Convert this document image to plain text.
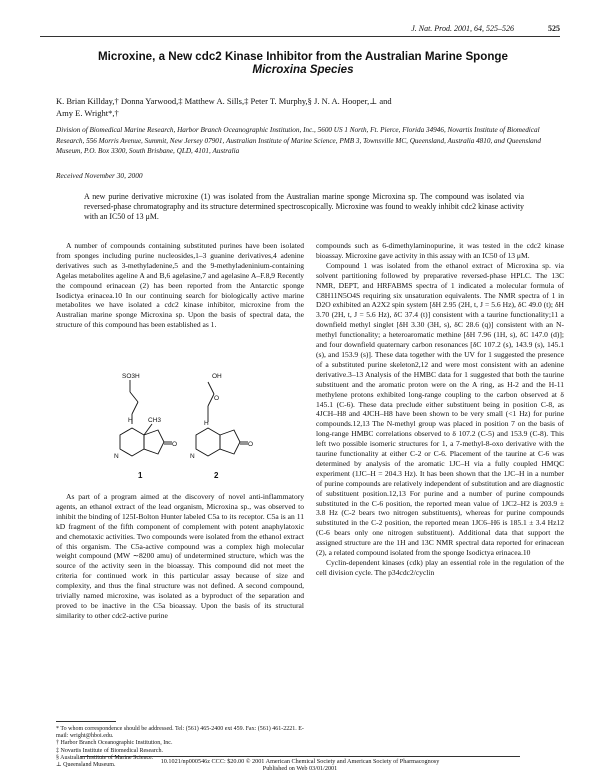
J. Nat. Prod. 2001, 64, 525–526	525
Microxine, a New cdc2 Kinase Inhibitor from the Australian Marine Sponge
Microxina Species
K. Brian Killday,† Donna Yarwood,‡ Matthew A. Sills,‡ Peter T. Murphy,§ J. N. A. Hooper,⊥ and
Amy E. Wright*,†
Division of Biomedical Marine Research, Harbor Branch Oceanographic Institution, Inc., 5600 US 1 North, Ft. Pierce, Florida 34946, Novartis Institute of Biomedical Research, 556 Morris Avenue, Summit, New Jersey 07901, Australian Institute of Marine Science, PMB 3, Townsville MC, Queensland, Australia 4810, and Queensland Museum, P.O. Box 3300, South Brisbane, QLD, 4101, Australia
Received November 30, 2000
A new purine derivative microxine (1) was isolated from the Australian marine sponge Microxina sp. The compound was isolated via reversed-phase chromatography and its structure determined spectroscopically. Microxine was found to weakly inhibit cdc2 kinase activity with an IC50 of 13 μM.

A number of compounds containing substituted purines have been isolated from sponges including purine nucleosides,1–3 guanine derivatives,4 adenine derivatives such as 3-methyladenine,5 and the 9-methyladeninium-containing Agelas metabolites ageline A and B,6 agelasine,7 and agelasine A–F.8,9 Recently the compound erinacean (2) has been reported from the Antarctic sponge Isodictya erinacea.10 In our continuing search for biologically active marine metabolites we have isolated a cdc2 kinase inhibitor, microxine from the Australian marine sponge Microxina sp. Upon the basis of spectral data, the structure of this compound has been established as 1.

SO3H
H CH3
N
O
OH
O
H
N
O
1	2

As part of a program aimed at the discovery of novel anti-inflammatory agents, an ethanol extract of the lead organism, Microxina sp., was observed to inhibit the binding of 125I-Bolton Hunter labeled C5a to its receptor. C5a is an 11 kD fragment of the fifth component of complement with potent anaphylatoxic and chemotaxic activities. Two compounds were isolated from the ethanol extract of this organism. The C5a-active compound was a complex high molecular weight compound (MW ∼8200 amu) of undetermined structure, which was the source of the activity seen in the bioassay. This compound did not meet the criteria for continued work in this particular assay because of size and complexity, and thus the final structure was not defined. A second compound, trivially named microxine, was isolated as a byproduct of the separation and proved to be inactive in the C5a bioassay. Upon the basis of its structural similarity to other cdc2-active purine

compounds such as 6-dimethylaminopurine, it was tested in the cdc2 kinase bioassay. Microxine gave activity in this assay with an IC50 of 13 μM.

Compound 1 was isolated from the ethanol extract of Microxina sp. via solvent partitioning followed by preparative reversed-phase HPLC. The 13C NMR, DEPT, and HRFABMS spectra of 1 indicated a molecular formula of C8H11N5O4S requiring six unsaturation equivalents. The NMR spectra of 1 in D2O exhibited an A2X2 spin system [δH 2.95 (2H, t, J = 5.6 Hz), δC 49.0 (t); δH 3.70 (2H, t, J = 5.6 Hz), δC 37.4 (t)] consistent with a taurine functionality;11 a downfield methyl singlet [δH 3.30 (3H, s), δC 28.6 (q)] consistent with an N-methyl functionality; a heteroaromatic methine [δH 7.96 (1H, s), δC 147.0 (d)]; and four downfield quaternary carbon resonances [δC 107.2 (s), 143.9 (s), 145.1 (s), and 153.9 (s)]. These data together with the UV for 1 suggested the presence of a substituted purine skeleton2,12 and were most consistent with an adenine derivative.3–13 Analysis of the HMBC data for 1 suggested that both the taurine substituent and the aromatic proton were on the A ring, as H-2 and the H-11 methylene protons exhibited long-range coupling to the carbon observed at δ 145.1 (C-6). These data preclude either substituent being in position C-8, as 4JCH–H8 and 4JCH–H8 have been shown to be very small (<1 Hz) for purine compounds.12,13 The N-methyl group was placed in position 7 on the basis of long-range HMBC correlations observed to δ 107.2 (C-5) and 153.9 (C-8). This left two possible isomeric structures for 1, a 7-methyl-8-oxo derivative with the taurine functionality at either C-2 or C-6. Placement of the taurine at C-6 was determined by analysis of the aromatic 1JC–H via a fully coupled HMQC experiment (1JC–H = 204.3 Hz). It has been shown that the 1JC–H in a number of purine compounds are relatively independent of substitution and are diagnostic of substituent position.12,13 For purine and a number of purine compounds substituted in the C-6 position, the reported mean value of 1JC2–H2 is 203.9 ± 3.8 Hz (C-2 bears two nitrogen substituents), whereas for purine compounds substituted in the C-2 position, the reported mean 1JC6–H6 is 185.1 ± 3.4 Hz12 (C-6 bears only one nitrogen substituent). Additional data that support the assigned structure are the 1H and 13C NMR spectral data reported for erinacean (2), a related compound isolated from the sponge Isodictya erinacea.10

Cyclin-dependent kinases (cdk) play an essential role in the regulation of the cell division cycle. The p34cdc2/cyclin

* To whom correspondence should be addressed. Tel: (561) 465-2400 ext 459. Fax: (561) 461-2221. E-mail: wright@hboi.edu.
† Harbor Branch Oceanographic Institution, Inc.
‡ Novartis Institute of Biomedical Research.
§ Australian Institute of Marine Science.
⊥ Queensland Museum.
10.1021/np000546z CCC: $20.00 © 2001 American Chemical Society and American Society of Pharmacognosy
Published on Web 03/01/2001
